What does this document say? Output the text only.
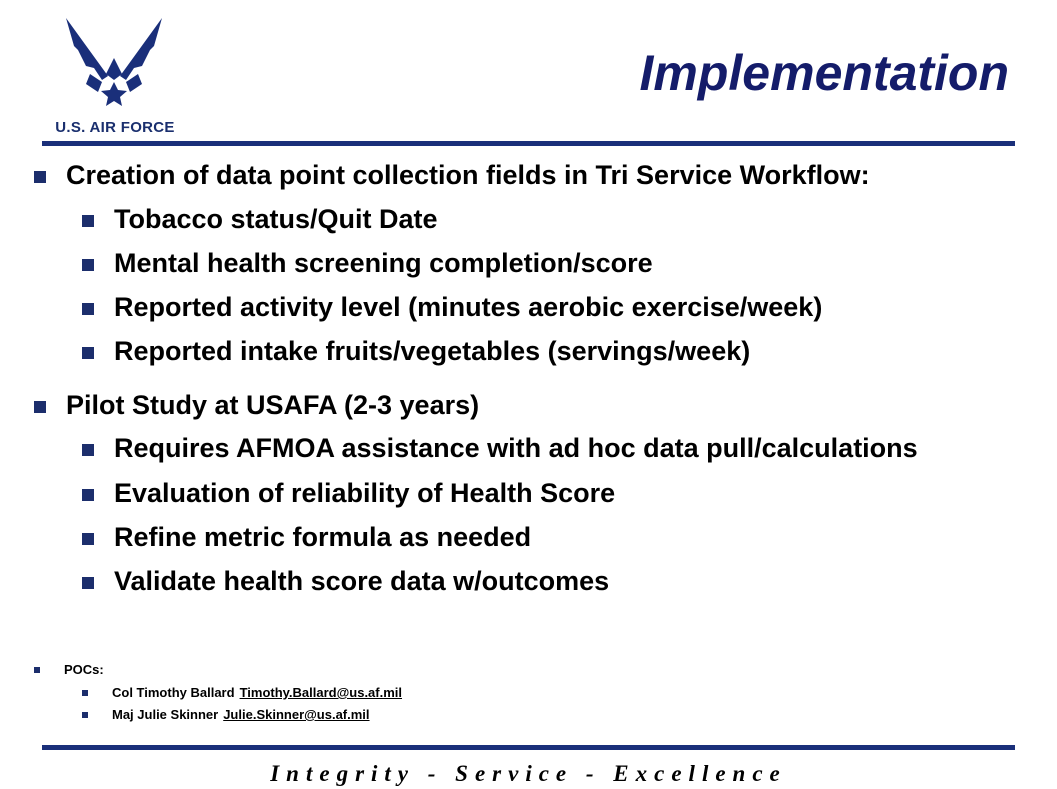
U.S. AIR FORCE
Implementation
Creation of data point collection fields in Tri Service Workflow:
Tobacco status/Quit Date
Mental health screening completion/score
Reported activity level (minutes aerobic exercise/week)
Reported intake fruits/vegetables (servings/week)
Pilot Study at USAFA (2-3 years)
Requires AFMOA assistance with ad hoc data pull/calculations
Evaluation of reliability of Health Score
Refine metric formula as needed
Validate health score data w/outcomes
POCs:
Col Timothy Ballard Timothy.Ballard@us.af.mil
Maj Julie Skinner Julie.Skinner@us.af.mil
Integrity - Service - Excellence
